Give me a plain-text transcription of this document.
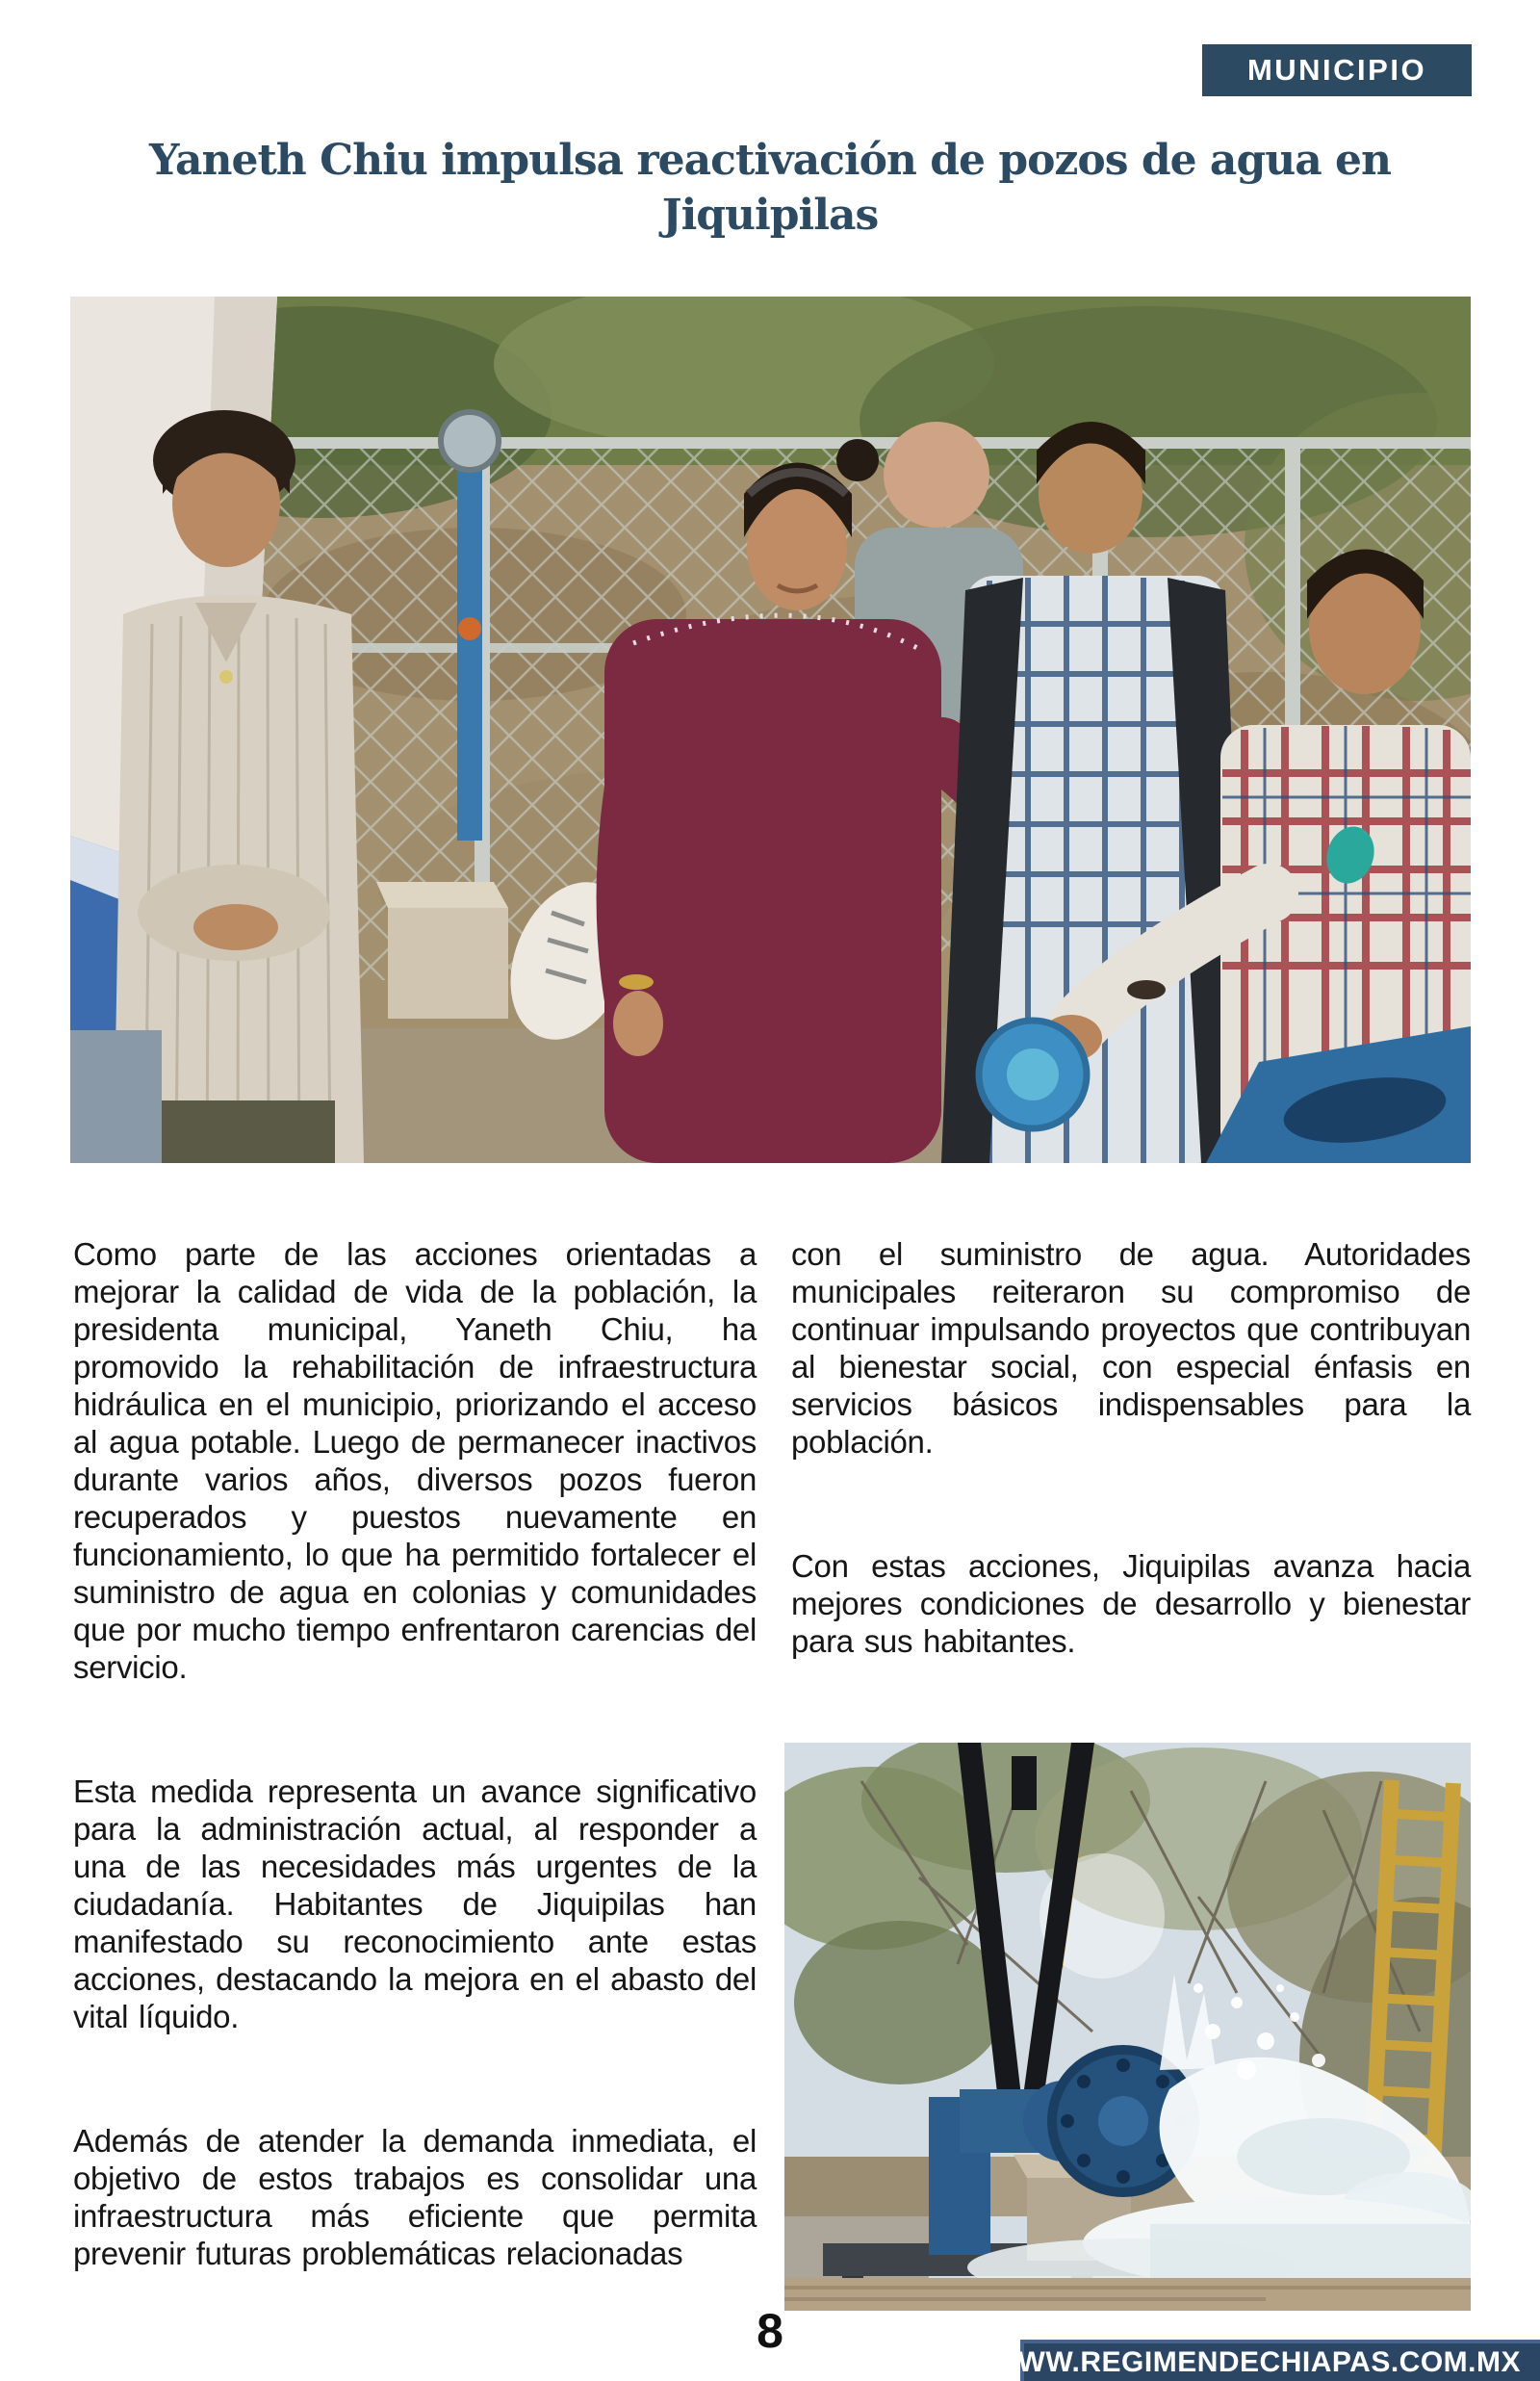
MUNICIPIO
Yaneth Chiu impulsa reactivación de pozos de agua en Jiquipilas

Como parte de las acciones orientadas a mejorar la calidad de vida de la población, la presidenta municipal, Yaneth Chiu, ha promovido la rehabilitación de infraestructura hidráulica en el municipio, priorizando el acceso al agua potable. Luego de permanecer inactivos durante varios años, diversos pozos fueron recuperados y puestos nuevamente en funcionamiento, lo que ha permitido fortalecer el suministro de agua en colonias y comunidades que por mucho tiempo enfrentaron carencias del servicio.

Esta medida representa un avance significativo para la administración actual, al responder a una de las necesidades más urgentes de la ciudadanía. Habitantes de Jiquipilas han manifestado su reconocimiento ante estas acciones, destacando la mejora en el abasto del vital líquido.

Además de atender la demanda inmediata, el objetivo de estos trabajos es consolidar una infraestructura más eficiente que permita prevenir futuras problemáticas relacionadas

con el suministro de agua. Autoridades municipales reiteraron su compromiso de continuar impulsando proyectos que contribuyan al bienestar social, con especial énfasis en servicios básicos indispensables para la población.

Con estas acciones, Jiquipilas avanza hacia mejores condiciones de desarrollo y bienestar para sus habitantes.

8
WWW.REGIMENDECHIAPAS.COM.MX
